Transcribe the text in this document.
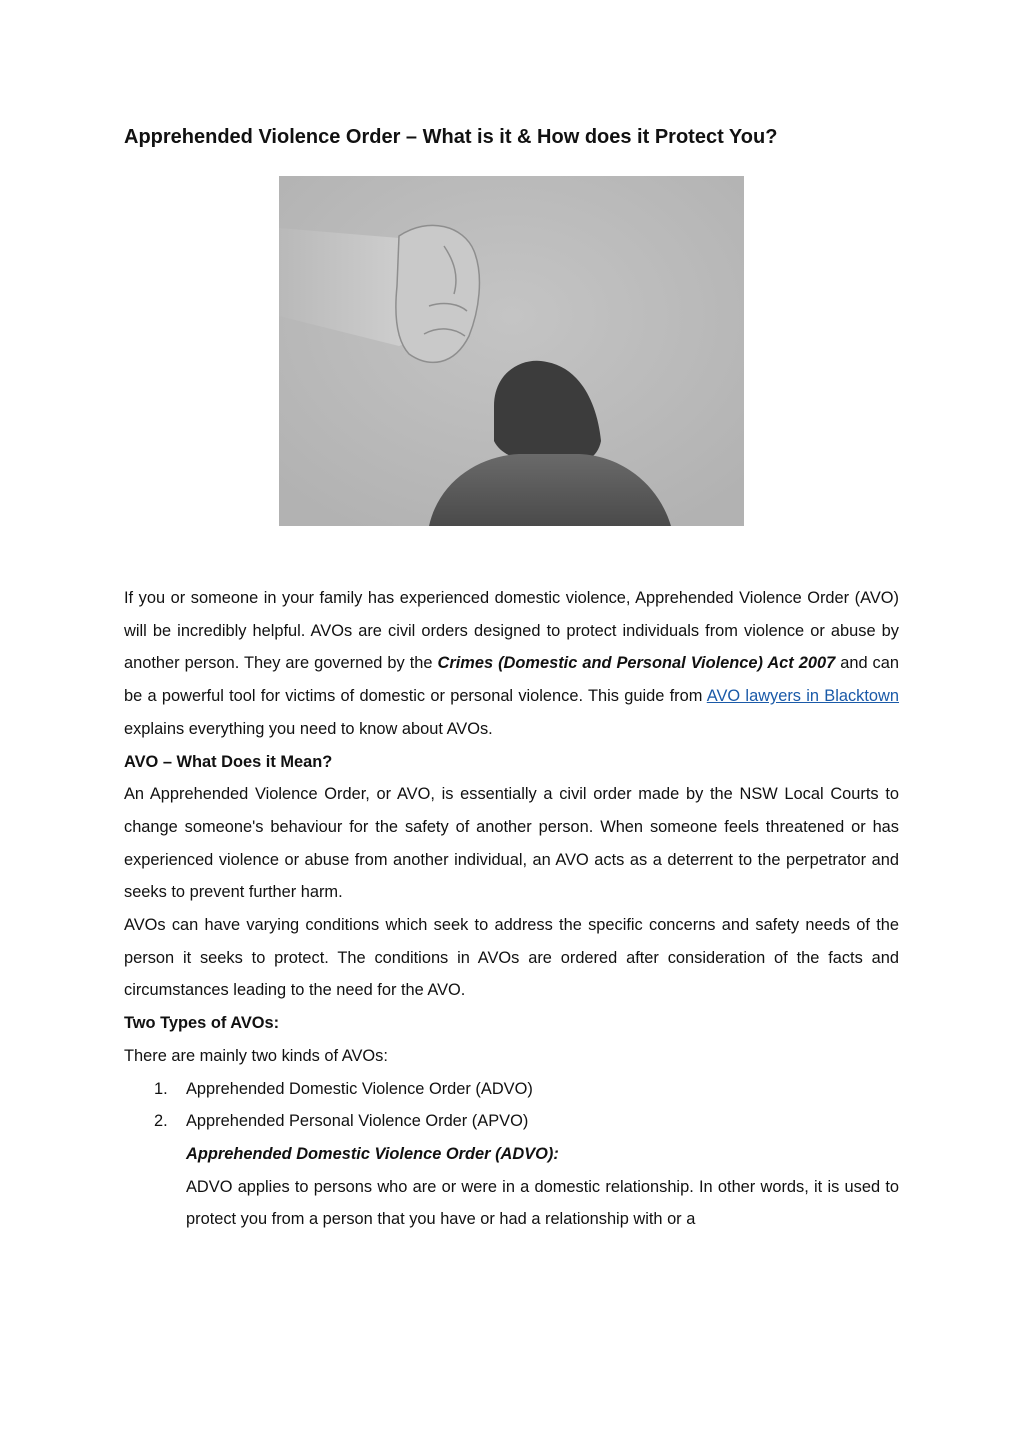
Apprehended Violence Order – What is it & How does it Protect You?

If you or someone in your family has experienced domestic violence, Apprehended Violence Order (AVO) will be incredibly helpful. AVOs are civil orders designed to protect individuals from violence or abuse by another person. They are governed by the Crimes (Domestic and Personal Violence) Act 2007 and can be a powerful tool for victims of domestic or personal violence. This guide from AVO lawyers in Blacktown explains everything you need to know about AVOs.

AVO – What Does it Mean?

An Apprehended Violence Order, or AVO, is essentially a civil order made by the NSW Local Courts to change someone's behaviour for the safety of another person. When someone feels threatened or has experienced violence or abuse from another individual, an AVO acts as a deterrent to the perpetrator and seeks to prevent further harm.

AVOs can have varying conditions which seek to address the specific concerns and safety needs of the person it seeks to protect. The conditions in AVOs are ordered after consideration of the facts and circumstances leading to the need for the AVO.

Two Types of AVOs:

There are mainly two kinds of AVOs:

1. Apprehended Domestic Violence Order (ADVO)
2. Apprehended Personal Violence Order (APVO)

Apprehended Domestic Violence Order (ADVO):

ADVO applies to persons who are or were in a domestic relationship. In other words, it is used to protect you from a person that you have or had a relationship with or a
